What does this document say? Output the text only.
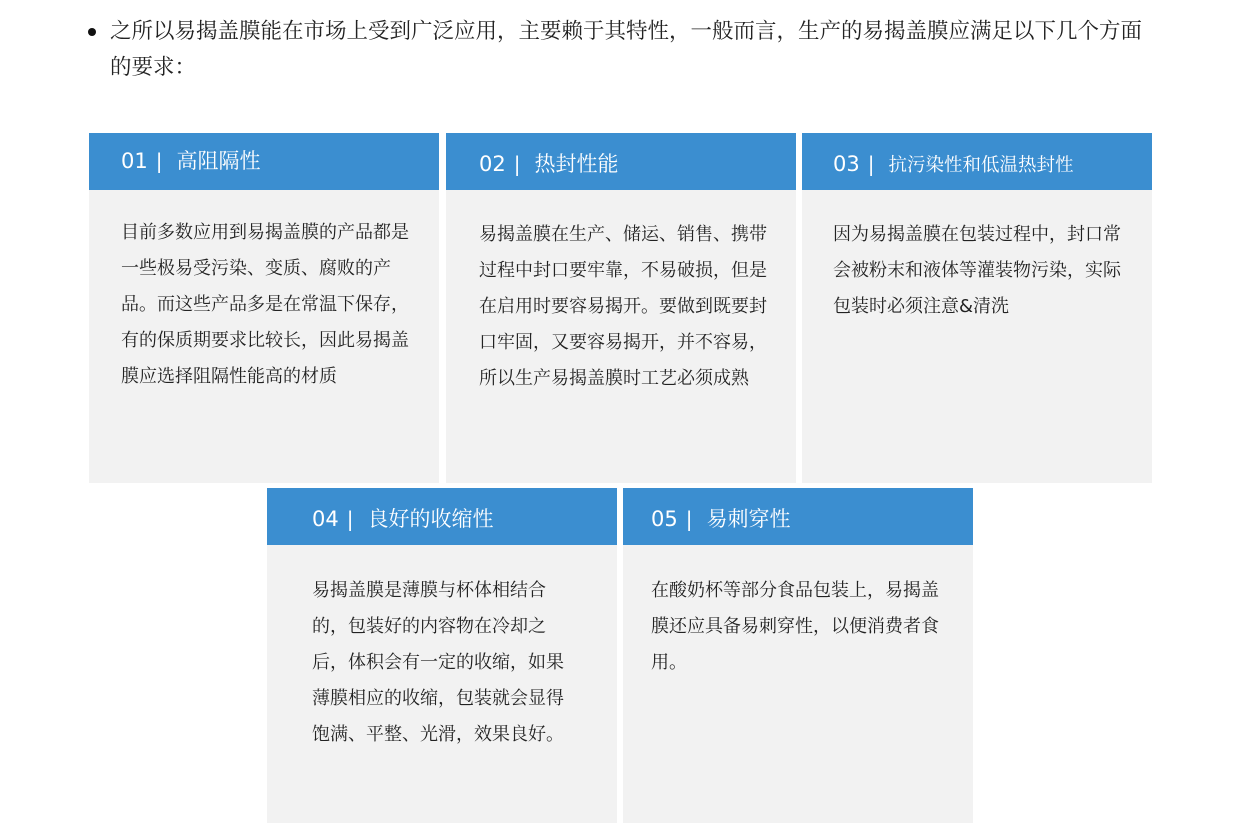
之所以易揭盖膜能在市场上受到广泛应用，主要赖于其特性，一般而言，生产的易揭盖膜应满足以下几个方面的要求：
01 | 高阻隔性
目前多数应用到易揭盖膜的产品都是一些极易受污染、变质、腐败的产品。而这些产品多是在常温下保存，有的保质期要求比较长，因此易揭盖膜应选择阻隔性能高的材质
02 | 热封性能
易揭盖膜在生产、储运、销售、携带过程中封口要牢靠，不易破损，但是在启用时要容易揭开。要做到既要封口牢固，又要容易揭开，并不容易，所以生产易揭盖膜时工艺必须成熟
03 | 抗污染性和低温热封性
因为易揭盖膜在包装过程中，封口常会被粉末和液体等灌装物污染，实际包装时必须注意&清洗
04 | 良好的收缩性
易揭盖膜是薄膜与杯体相结合的，包装好的内容物在冷却之后，体积会有一定的收缩，如果薄膜相应的收缩，包装就会显得饱满、平整、光滑，效果良好。
05 | 易刺穿性
在酸奶杯等部分食品包装上，易揭盖膜还应具备易刺穿性，以便消费者食用。
